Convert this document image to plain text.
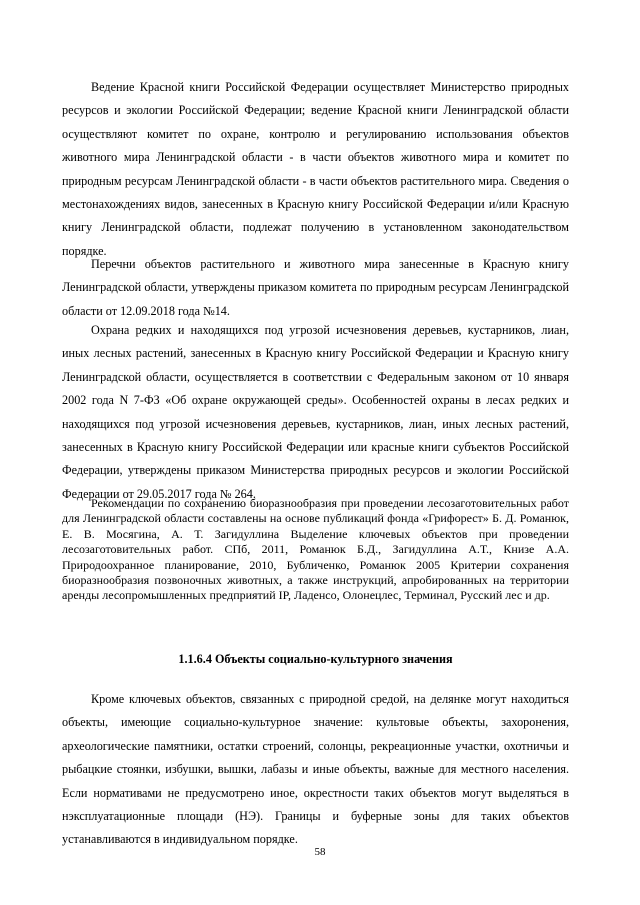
Ведение Красной книги Российской Федерации осуществляет Министерство природных ресурсов и экологии Российской Федерации; ведение Красной книги Ленинградской области осуществляют комитет по охране, контролю и регулированию использования объектов животного мира Ленинградской области - в части объектов животного мира и комитет по природным ресурсам Ленинградской области - в части объектов растительного мира. Сведения о местонахождениях видов, занесенных в Красную книгу Российской Федерации и/или Красную книгу Ленинградской области, подлежат получению в установленном законодательством порядке.

Перечни объектов растительного и животного мира занесенные в Красную книгу Ленинградской области, утверждены приказом комитета по природным ресурсам Ленинградской области от 12.09.2018 года №14.

Охрана редких и находящихся под угрозой исчезновения деревьев, кустарников, лиан, иных лесных растений, занесенных в Красную книгу Российской Федерации и Красную книгу Ленинградской области, осуществляется в соответствии с Федеральным законом от 10 января 2002 года N 7-ФЗ «Об охране окружающей среды». Особенностей охраны в лесах редких и находящихся под угрозой исчезновения деревьев, кустарников, лиан, иных лесных растений, занесенных в Красную книгу Российской Федерации или красные книги субъектов Российской Федерации, утверждены приказом Министерства природных ресурсов и экологии Российской Федерации от 29.05.2017 года № 264.

Рекомендации по сохранению биоразнообразия при проведении лесозаготовительных работ для Ленинградской области составлены на основе публикаций фонда «Грифорест» Б. Д. Романюк, Е. В. Мосягина, А. Т. Загидуллина Выделение ключевых объектов при проведении лесозаготовительных работ. СПб, 2011, Романюк Б.Д., Загидуллина А.Т., Книзе А.А. Природоохранное планирование, 2010, Бубличенко, Романюк 2005 Критерии сохранения биоразнообразия позвоночных животных, а также инструкций, апробированных на территории аренды лесопромышленных предприятий IP, Ладенсо, Олонецлес, Терминал, Русский лес и др.

1.1.6.4 Объекты социально-культурного значения

Кроме ключевых объектов, связанных с природной средой, на делянке могут находиться объекты, имеющие социально-культурное значение: культовые объекты, захоронения, археологические памятники, остатки строений, солонцы, рекреационные участки, охотничьи и рыбацкие стоянки, избушки, вышки, лабазы и иные объекты, важные для местного населения. Если нормативами не предусмотрено иное, окрестности таких объектов могут выделяться в нэксплуатационные площади (НЭ). Границы и буферные зоны для таких объектов устанавливаются в индивидуальном порядке.

58
